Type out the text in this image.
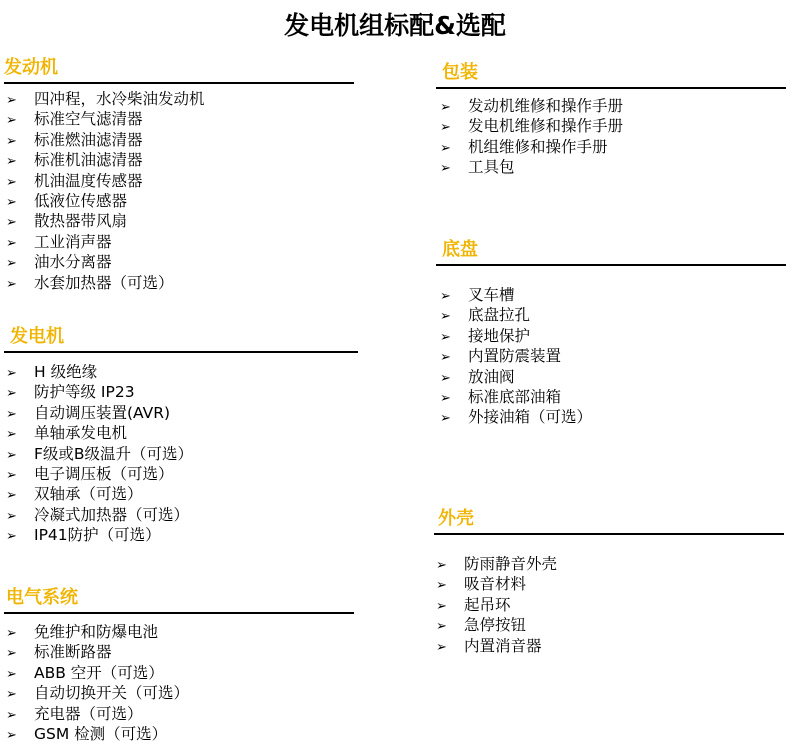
发电机组标配&选配
发动机
➢ 四冲程，水冷柴油发动机
➢ 标准空气滤清器
➢ 标准燃油滤清器
➢ 标准机油滤清器
➢ 机油温度传感器
➢ 低液位传感器
➢ 散热器带风扇
➢ 工业消声器
➢ 油水分离器
➢ 水套加热器（可选）
发电机
➢ H 级绝缘
➢ 防护等级 IP23
➢ 自动调压装置(AVR)
➢ 单轴承发电机
➢ F级或B级温升（可选）
➢ 电子调压板（可选）
➢ 双轴承（可选）
➢ 冷凝式加热器（可选）
➢ IP41防护（可选）
电气系统
➢ 免维护和防爆电池
➢ 标准断路器
➢ ABB 空开（可选）
➢ 自动切换开关（可选）
➢ 充电器（可选）
➢ GSM 检测（可选）
包装
➢ 发动机维修和操作手册
➢ 发电机维修和操作手册
➢ 机组维修和操作手册
➢ 工具包
底盘
➢ 叉车槽
➢ 底盘拉孔
➢ 接地保护
➢ 内置防震装置
➢ 放油阀
➢ 标准底部油箱
➢ 外接油箱（可选）
外壳
➢ 防雨静音外壳
➢ 吸音材料
➢ 起吊环
➢ 急停按钮
➢ 内置消音器
